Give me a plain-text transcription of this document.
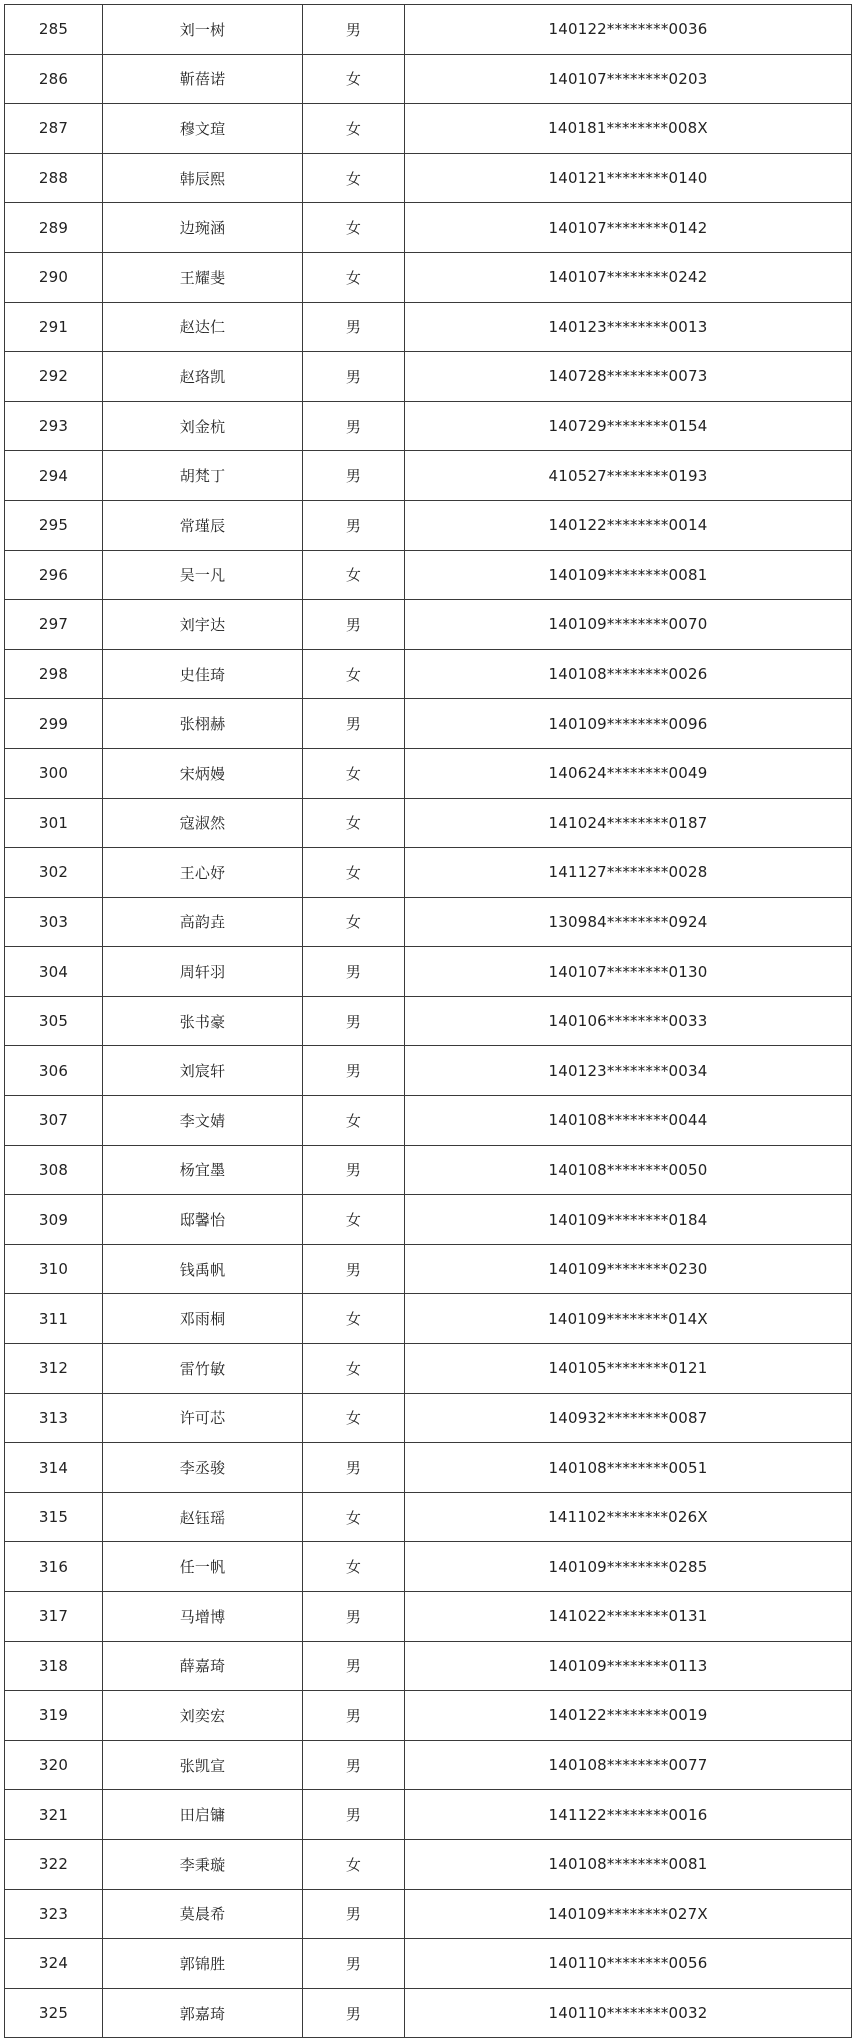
285	刘一树	男	140122********0036
286	靳蓓诺	女	140107********0203
287	穆文瑄	女	140181********008X
288	韩辰熙	女	140121********0140
289	边琬涵	女	140107********0142
290	王耀斐	女	140107********0242
291	赵达仁	男	140123********0013
292	赵珞凯	男	140728********0073
293	刘金杭	男	140729********0154
294	胡梵丁	男	410527********0193
295	常瑾辰	男	140122********0014
296	吴一凡	女	140109********0081
297	刘宇达	男	140109********0070
298	史佳琦	女	140108********0026
299	张栩赫	男	140109********0096
300	宋炳嫚	女	140624********0049
301	寇淑然	女	141024********0187
302	王心妤	女	141127********0028
303	高韵垚	女	130984********0924
304	周轩羽	男	140107********0130
305	张书豪	男	140106********0033
306	刘宸轩	男	140123********0034
307	李文婧	女	140108********0044
308	杨宜墨	男	140108********0050
309	邸馨怡	女	140109********0184
310	钱禹帆	男	140109********0230
311	邓雨桐	女	140109********014X
312	雷竹敏	女	140105********0121
313	许可芯	女	140932********0087
314	李丞骏	男	140108********0051
315	赵钰瑶	女	141102********026X
316	任一帆	女	140109********0285
317	马增博	男	141022********0131
318	薛嘉琦	男	140109********0113
319	刘奕宏	男	140122********0019
320	张凯宣	男	140108********0077
321	田启镛	男	141122********0016
322	李秉璇	女	140108********0081
323	莫晨希	男	140109********027X
324	郭锦胜	男	140110********0056
325	郭嘉琦	男	140110********0032
